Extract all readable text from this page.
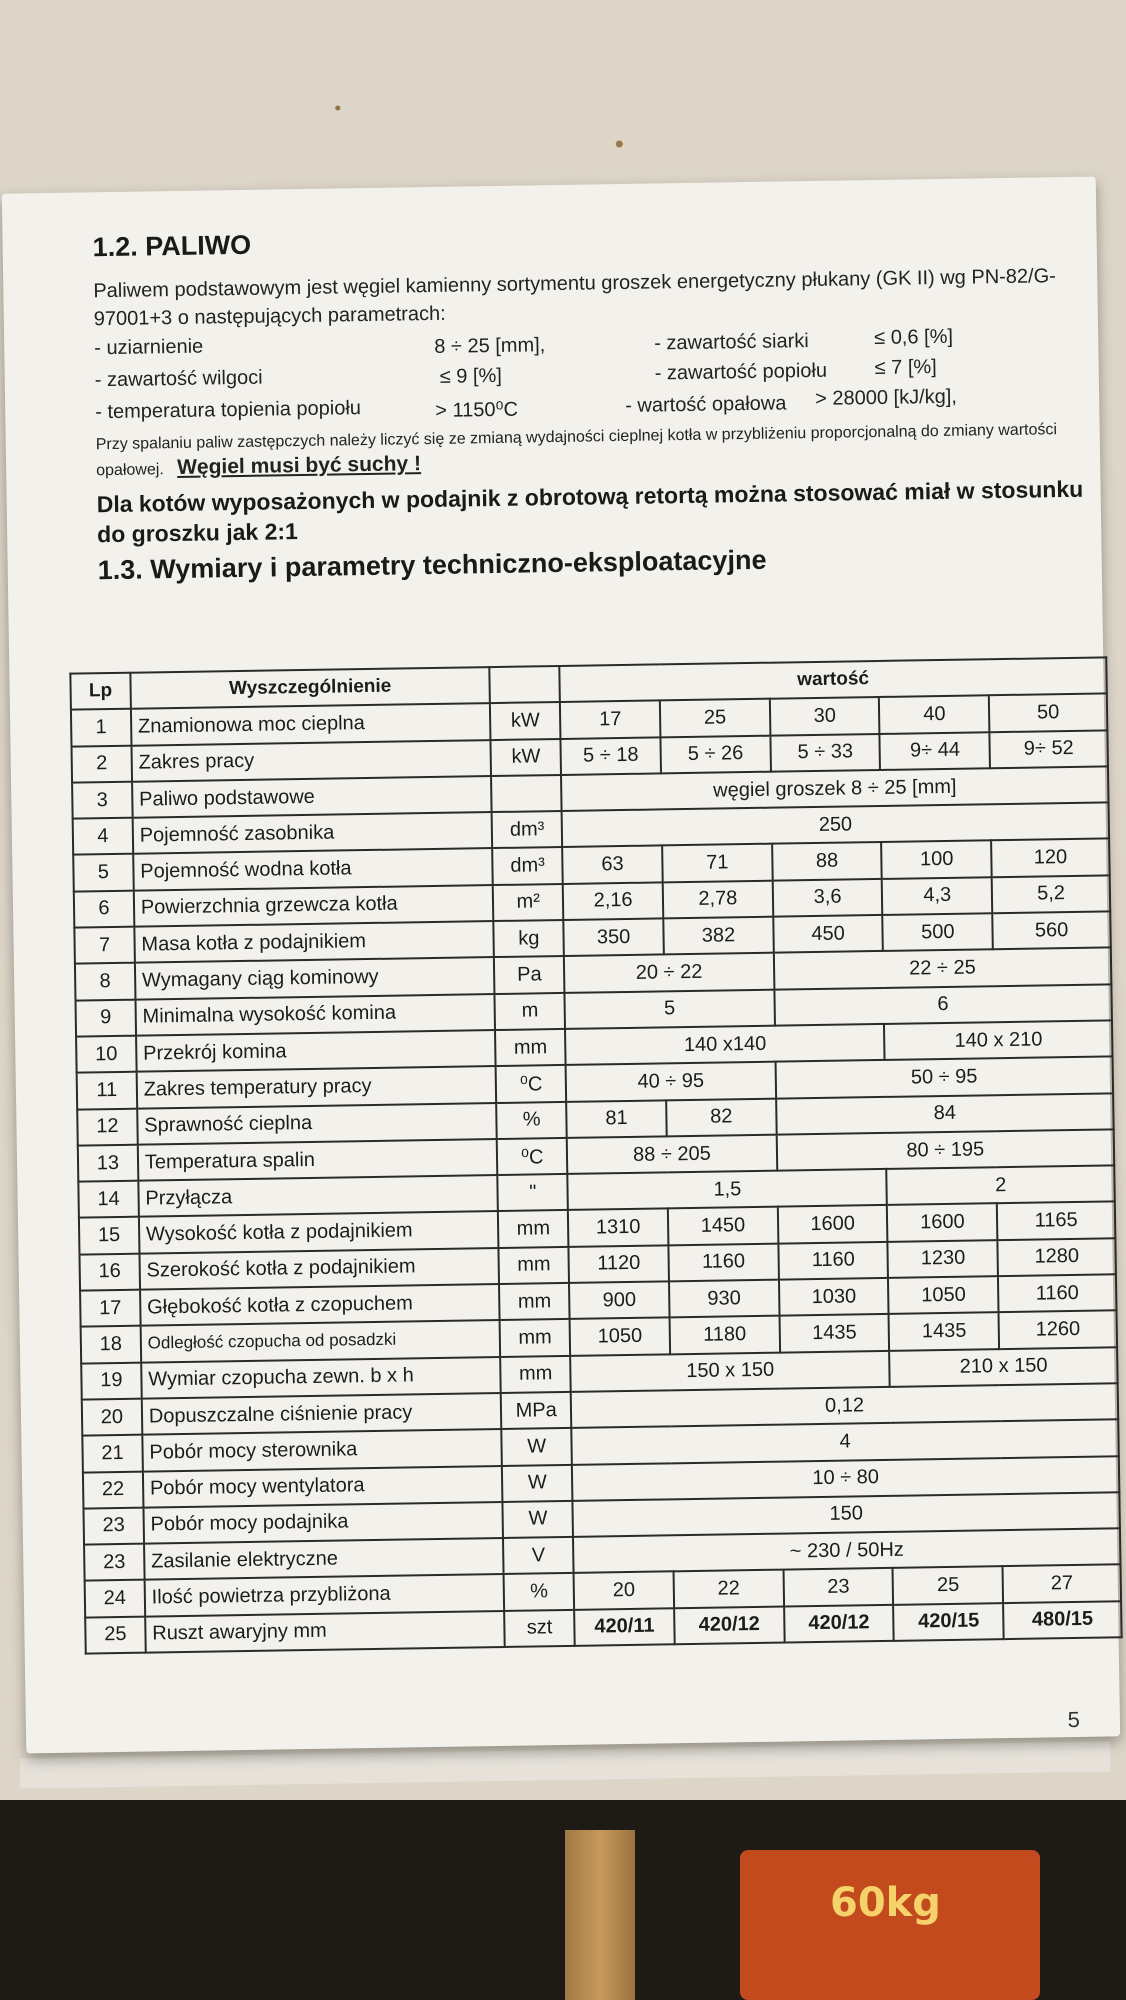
60kg
1.2. PALIWO
Paliwem podstawowym jest węgiel kamienny sortymentu groszek energetyczny płukany (GK II) wg PN-82/G-97001+3 o następujących parametrach:
- uziarnienie	8 ÷ 25 [mm],	- zawartość siarki	≤ 0,6 [%]
- zawartość wilgoci	≤ 9 [%]	- zawartość popiołu ≤ 7 [%]
- temperatura topienia popiołu	> 1150⁰C	- wartość opałowa > 28000 [kJ/kg],
Przy spalaniu paliw zastępczych należy liczyć się ze zmianą wydajności cieplnej kotła w przybliżeniu proporcjonalną do zmiany wartości opałowej. Węgiel musi być suchy !
Dla kotów wyposażonych w podajnik z obrotową retortą można stosować miał w stosunku do groszku jak 2:1
1.3. Wymiary i parametry techniczno-eksploatacyjne
Lp	Wyszczególnienie		wartość				
1	Znamionowa moc cieplna	kW	17	25	30	40	50
2	Zakres pracy	kW	5 ÷ 18	5 ÷ 26	5 ÷ 33	9÷ 44	9÷ 52
3	Paliwo podstawowe		węgiel groszek 8 ÷ 25 [mm]				
4	Pojemność zasobnika	dm³	250				
5	Pojemność wodna kotła	dm³	63	71	88	100	120
6	Powierzchnia grzewcza kotła	m²	2,16	2,78	3,6	4,3	5,2
7	Masa kotła z podajnikiem	kg	350	382	450	500	560
8	Wymagany ciąg kominowy	Pa	20 ÷ 22		22 ÷ 25		
9	Minimalna wysokość komina	m	5		6		
10	Przekrój komina	mm	140 x140			140 x 210	
11	Zakres temperatury pracy	⁰C	40 ÷ 95		50 ÷ 95		
12	Sprawność cieplna	%	81	82	84		
13	Temperatura spalin	⁰C	88 ÷ 205		80 ÷ 195		
14	Przyłącza	"	1,5			2	
15	Wysokość kotła z podajnikiem	mm	1310	1450	1600	1600	1165
16	Szerokość kotła z podajnikiem	mm	1120	1160	1160	1230	1280
17	Głębokość kotła z czopuchem	mm	900	930	1030	1050	1160
18	Odległość czopucha od posadzki	mm	1050	1180	1435	1435	1260
19	Wymiar czopucha zewn. b x h	mm	150 x 150			210 x 150	
20	Dopuszczalne ciśnienie pracy	MPa	0,12				
21	Pobór mocy sterownika	W	4				
22	Pobór mocy wentylatora	W	10 ÷ 80				
23	Pobór mocy podajnika	W	150				
23	Zasilanie elektryczne	V	~ 230 / 50Hz				
24	Ilość powietrza przybliżona	%	20	22	23	25	27
25	Ruszt awaryjny mm	szt	420/11	420/12	420/12	420/15	480/15
5
